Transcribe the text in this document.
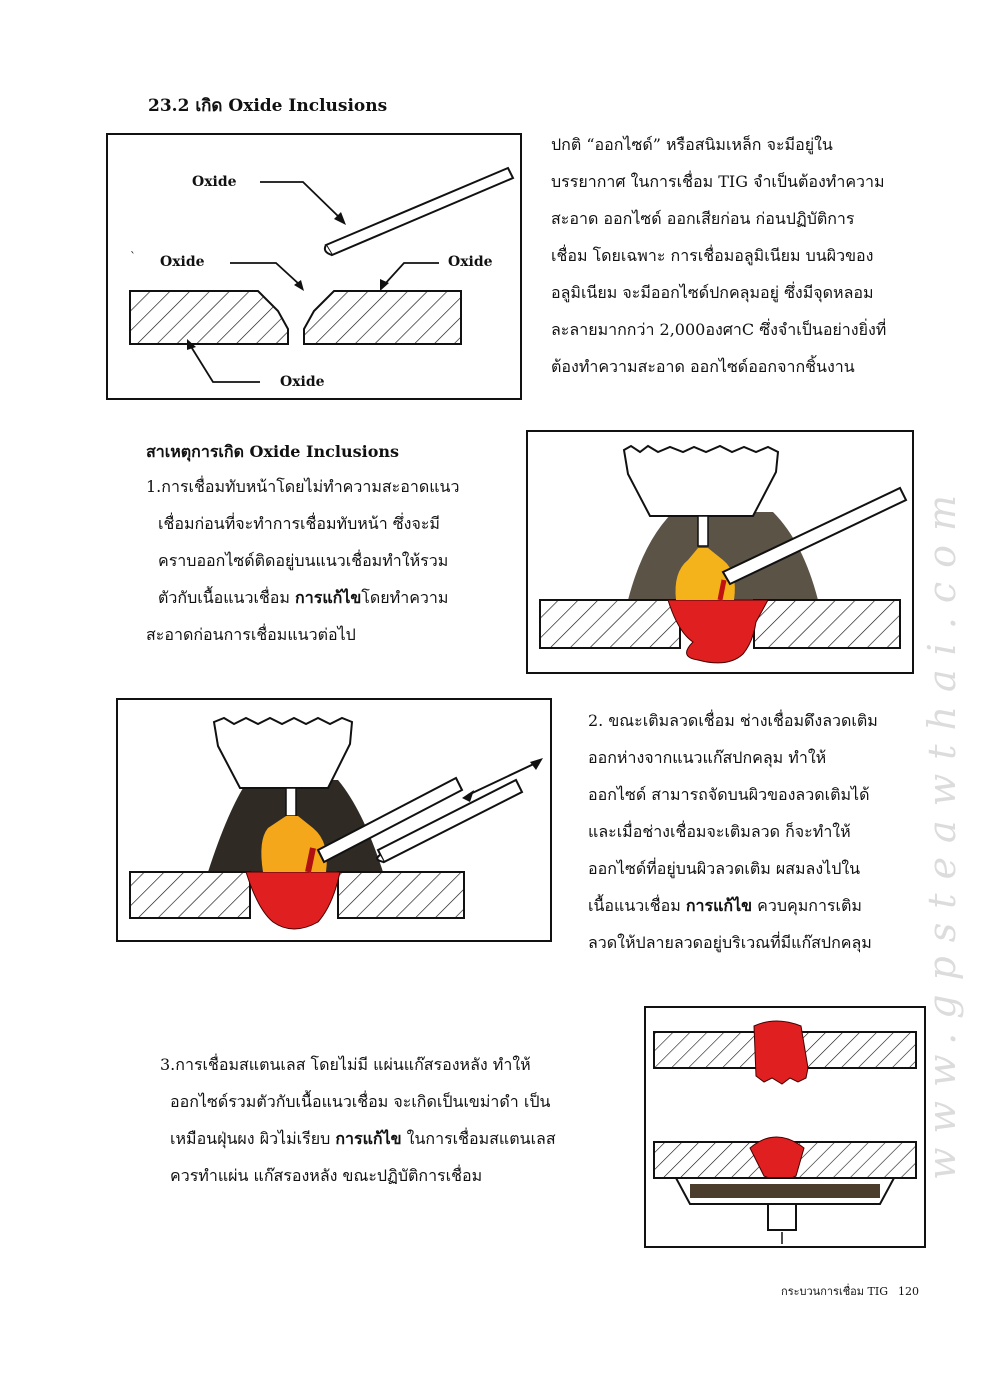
23.2 เกิด Oxide Inclusions
Oxide
Oxide	Oxide
Oxide
`

ปกติ “ออกไซด์” หรือสนิมเหล็ก จะมีอยู่ใน

บรรยากาศ ในการเชื่อม TIG จำเป็นต้องทำความ

สะอาด ออกไซด์ ออกเสียก่อน ก่อนปฏิบัติการ

เชื่อม โดยเฉพาะ การเชื่อมอลูมิเนียม บนผิวของ

อลูมิเนียม จะมีออกไซด์ปกคลุมอยู่ ซึ่งมีจุดหลอม

ละลายมากกว่า 2,000องศาC ซึ่งจำเป็นอย่างยิ่งที่

ต้องทำความสะอาด ออกไซด์ออกจากชิ้นงาน

สาเหตุการเกิด Oxide Inclusions

1.การเชื่อมทับหน้าโดยไม่ทำความสะอาดแนว

เชื่อมก่อนที่จะทำการเชื่อมทับหน้า ซึ่งจะมี

คราบออกไซด์ติดอยู่บนแนวเชื่อมทำให้รวม

ตัวกับเนื้อแนวเชื่อม การแก้ไขโดยทำความ

สะอาดก่อนการเชื่อมแนวต่อไป

2. ขณะเติมลวดเชื่อม ช่างเชื่อมดึงลวดเติม

ออกห่างจากแนวแก๊สปกคลุม ทำให้

ออกไซด์ สามารถจัดบนผิวของลวดเติมได้

และเมื่อช่างเชื่อมจะเติมลวด ก็จะทำให้

ออกไซด์ที่อยู่บนผิวลวดเติม ผสมลงไปใน

เนื้อแนวเชื่อม การแก้ไข ควบคุมการเติม

ลวดให้ปลายลวดอยู่บริเวณที่มีแก๊สปกคลุม

3.การเชื่อมสแตนเลส โดยไม่มี แผ่นแก๊สรองหลัง ทำให้

ออกไซด์รวมตัวกับเนื้อแนวเชื่อม จะเกิดเป็นเขม่าดำ เป็น

เหมือนฝุ่นผง ผิวไม่เรียบ การแก้ไข ในการเชื่อมสแตนเลส

ควรทำแผ่น แก๊สรองหลัง ขณะปฏิบัติการเชื่อม	www.gpsteawthai.com
กระบวนการเชื่อม TIG 120
